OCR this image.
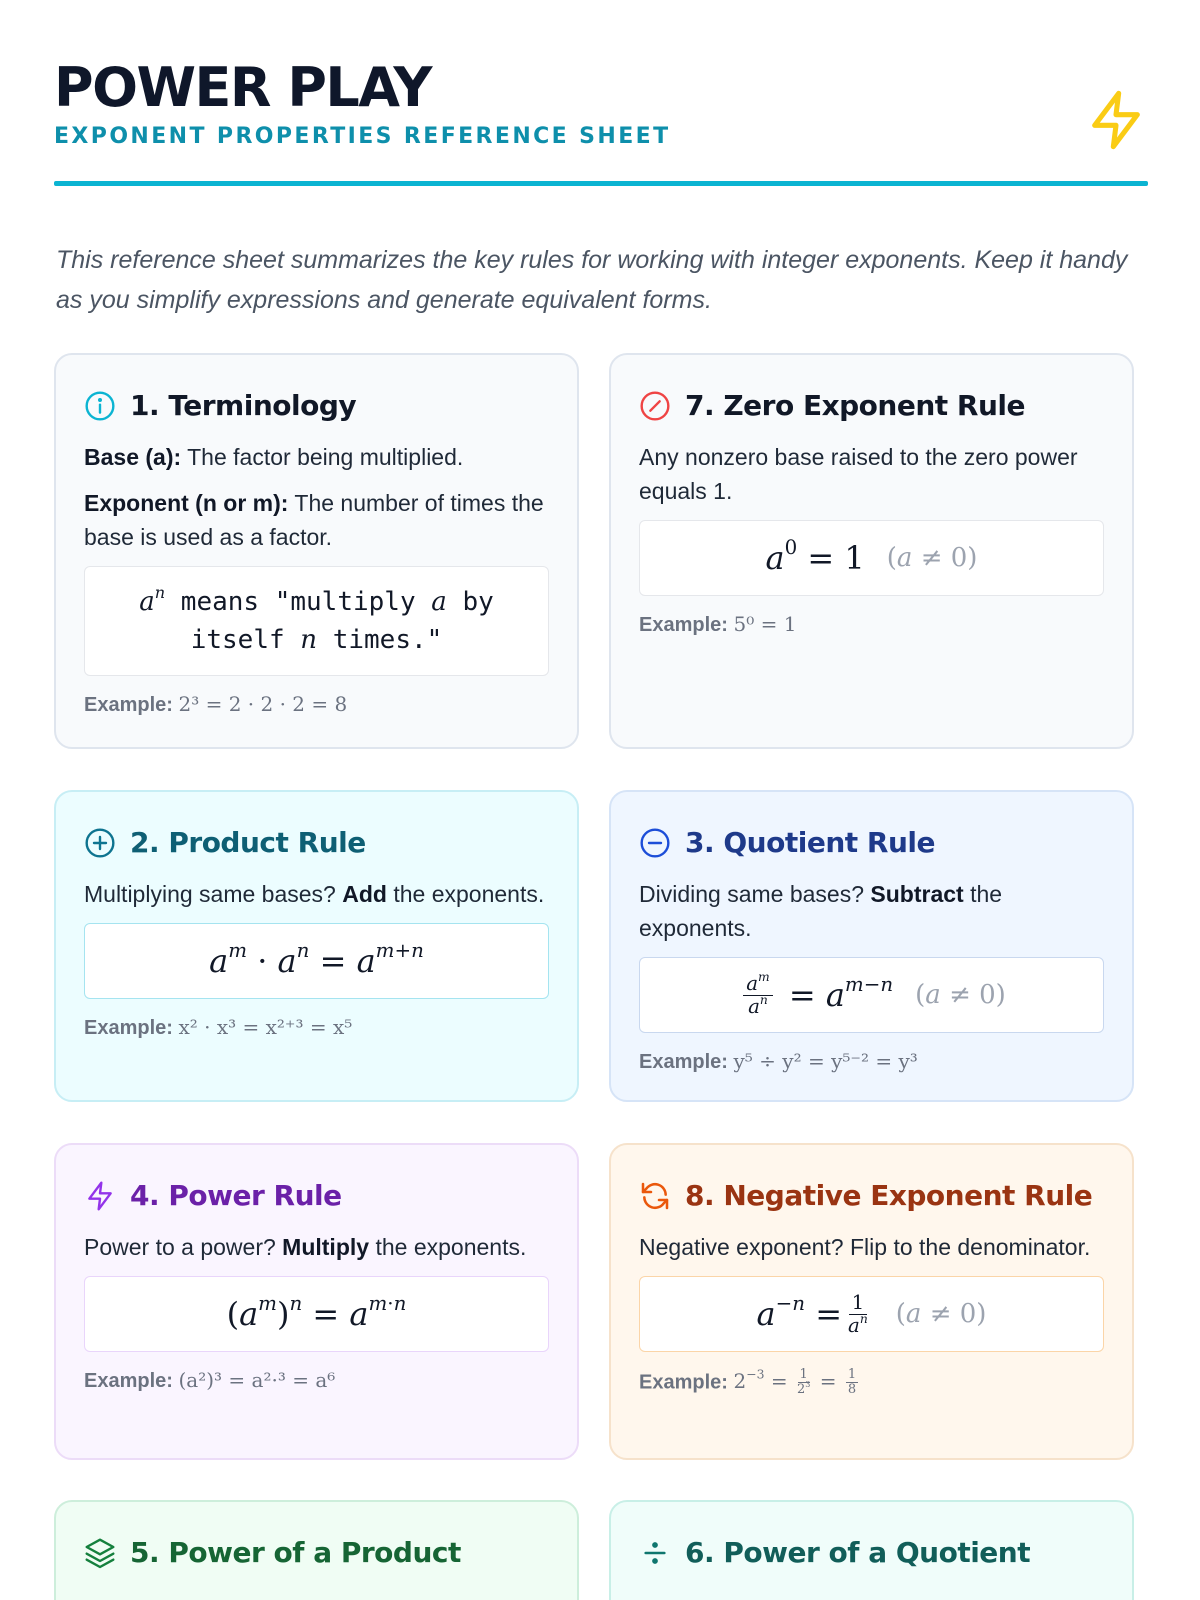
POWER PLAY
EXPONENT PROPERTIES REFERENCE SHEET

This reference sheet summarizes the key rules for working with integer exponents. Keep it handy as you simplify expressions and generate equivalent forms.

1. Terminology

Base (a): The factor being multiplied.

Exponent (n or m): The number of times the base is used as a factor.

$a^n$ means "multiply a by
itself n times."
Example: 2³ = 2 · 2 · 2 = 8
7. Zero Exponent Rule

Any nonzero base raised to the zero power equals 1.

$a^0 = 1$ (a ≠ 0)
Example: 5⁰ = 1
2. Product Rule

Multiplying same bases? Add the exponents.

$a^m \cdot a^n = a^{m+n}$
Example: x² · x³ = x²⁺³ = x⁵
3. Quotient Rule

Dividing same bases? Subtract the exponents.

$\frac{a^m}{a^n} = a^{m-n}$ (a ≠ 0)
Example: y⁵ ÷ y² = y⁵⁻² = y³
4. Power Rule

Power to a power? Multiply the exponents.

$(a^m)^n = a^{m\cdot n}$
Example: (a²)³ = a²·³ = a⁶
8. Negative Exponent Rule

Negative exponent? Flip to the denominator.

$a^{-n} = \frac{1}{a^n} (a \ne 0)$
Example: $2^{-3} = \frac{1}{2^3} = \frac{1}{8}$
5. Power of a Product	6. Power of a Quotient
